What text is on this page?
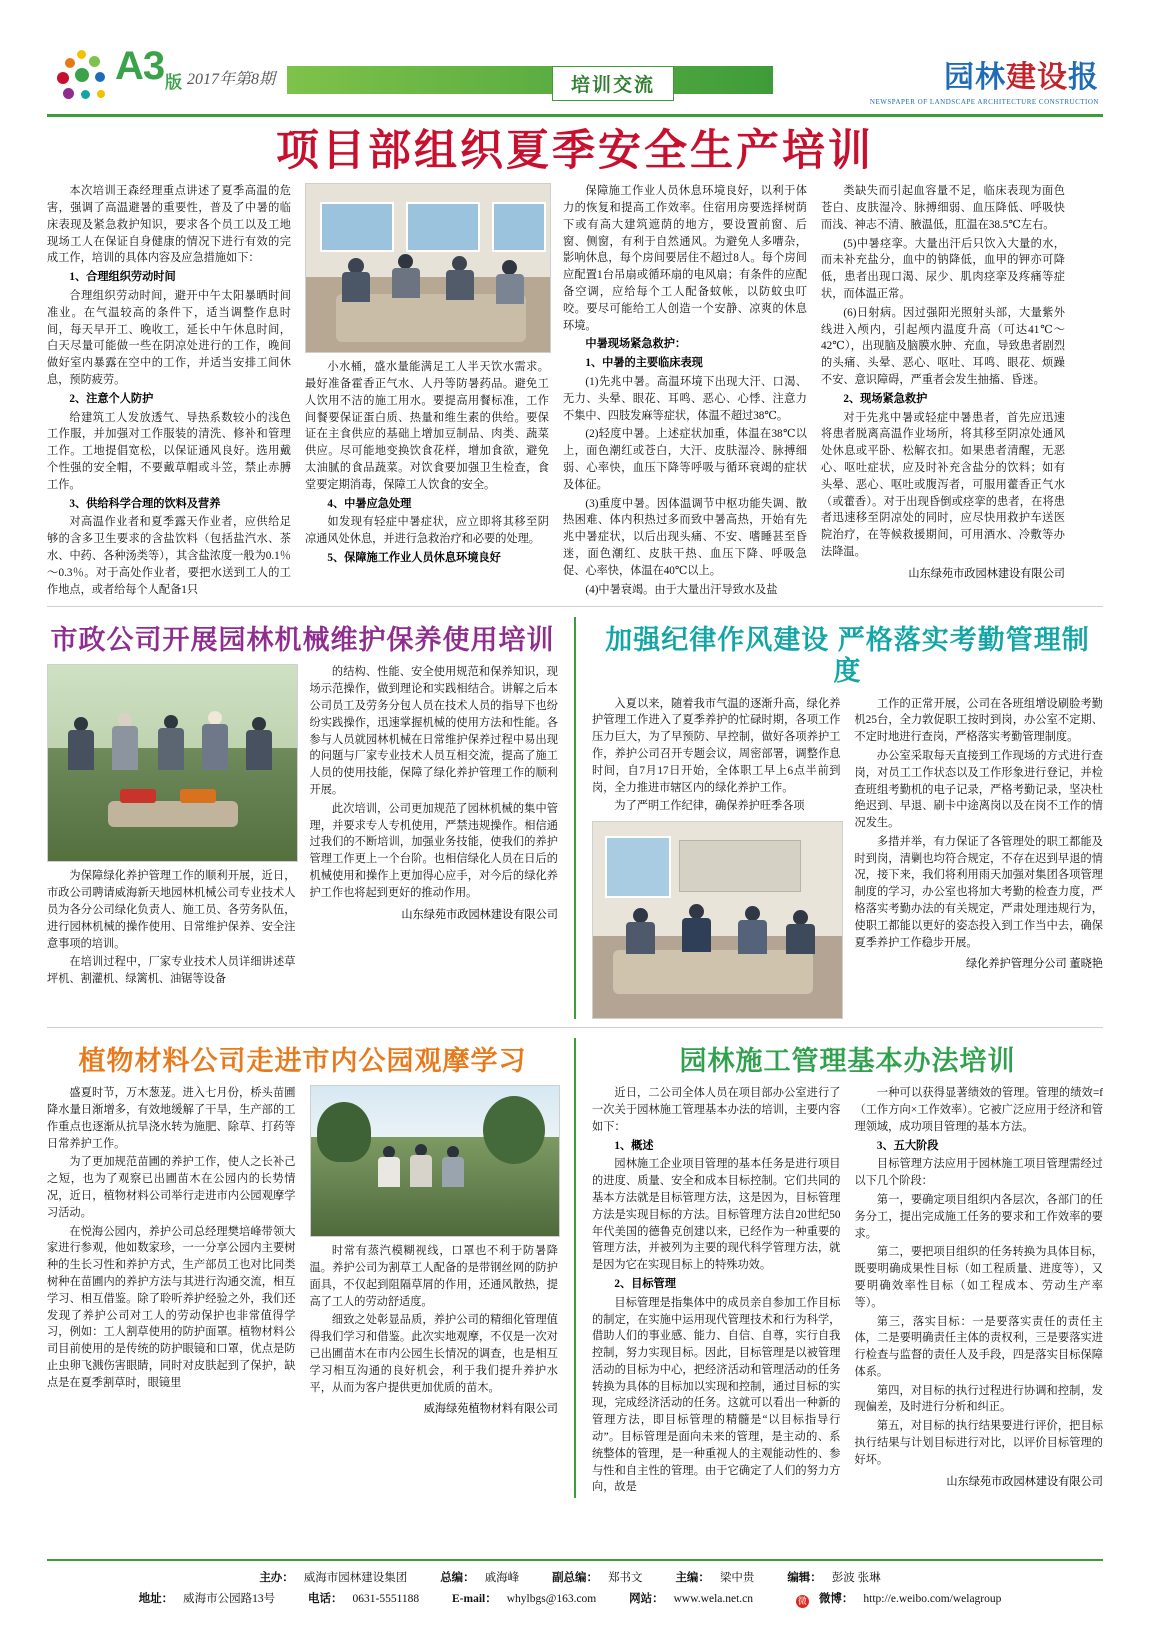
A3 版 2017年第8期	培训交流	园林建设报
NEWSPAPER OF LANDSCAPE ARCHITECTURE CONSTRUCTION
项目部组织夏季安全生产培训

本次培训王森经理重点讲述了夏季高温的危害，强调了高温避暑的重要性，普及了中暑的临床表现及紧急救护知识，要求各个员工以及工地现场工人在保证自身健康的情况下进行有效的完成工作，培训的具体内容及应急措施如下：

1、合理组织劳动时间

合理组织劳动时间，避开中午太阳暴晒时间准业。在气温较高的条件下，适当调整作息时间，每天早开工、晚收工，延长中午休息时间，白天尽量可能做一些在阴凉处进行的工作，晚间做好室内暴露在空中的工作，并适当安排工间休息，预防疲劳。

2、注意个人防护

给建筑工人发放透气、导热系数较小的浅色工作服，并加强对工作服装的清洗、修补和管理工作。工地提倡宽松，以保证通风良好。选用戴个性强的安全帽，不要戴草帽或斗笠，禁止赤膊工作。

3、供给科学合理的饮料及营养

对高温作业者和夏季露天作业者，应供给足够的含多卫生要求的含盐饮料（包括盐汽水、茶水、中药、各种汤类等），其含盐浓度一般为0.1％～0.3％。对于高处作业者，要把水送到工人的工作地点，或者给每个人配备1只

小水桶，盛水量能满足工人半天饮水需求。最好准备霍香正气水、人丹等防暑药品。避免工人饮用不洁的施工用水。要提高用餐标准，工作间餐要保证蛋白质、热量和维生素的供给。要保证在主食供应的基础上增加豆制品、肉类、蔬菜供应。尽可能地变换饮食花样，增加食欲，避免太油腻的食品蔬菜。对饮食要加强卫生检查，食堂要定期消毒，保障工人饮食的安全。

4、中暑应急处理

如发现有轻症中暑症状，应立即将其移至阴凉通风处休息，并进行急救治疗和必要的处理。

5、保障施工作业人员休息环境良好

保障施工作业人员休息环境良好，以利于体力的恢复和提高工作效率。住宿用房要选择树荫下或有高大建筑遮荫的地方，要设置前窗、后窗、侧窗，有利于自然通风。为避免人多嘈杂，影响休息，每个房间要居住不超过8人。每个房间应配置1台吊扇或循环扇的电风扇；有条件的应配备空调，应给每个工人配备蚊帐，以防蚊虫叮咬。要尽可能给工人创造一个安静、凉爽的休息环境。

中暑现场紧急救护：
1、中暑的主要临床表现

(1)先兆中暑。高温环境下出现大汗、口渴、无力、头晕、眼花、耳鸣、恶心、心悸、注意力不集中、四肢发麻等症状，体温不超过38℃。

(2)轻度中暑。上述症状加重，体温在38℃以上，面色潮红或苍白，大汗、皮肤湿冷、脉搏细弱、心率快，血压下降等呼吸与循环衰竭的症状及体征。

(3)重度中暑。因体温调节中枢功能失调、散热困难、体内积热过多而致中暑高热，开始有先兆中暑症状，以后出现头痛、不安、嗜睡甚至昏迷，面色潮红、皮肤干热、血压下降、呼吸急促、心率快，体温在40℃以上。

(4)中暑衰竭。由于大量出汗导致水及盐

类缺失而引起血容量不足，临床表现为面色苍白、皮肤湿冷、脉搏细弱、血压降低、呼吸快而浅、神志不清、腋温低，肛温在38.5℃左右。

(5)中暑痉挛。大量出汗后只饮入大量的水，而未补充盐分，血中的钠降低，血甲的钾亦可降低，患者出现口渴、尿少、肌肉痉挛及疼痛等症状，而体温正常。

(6)日射病。因过强阳光照射头部，大量紫外线进入颅内，引起颅内温度升高（可达41℃～42℃），出现脑及脑膜水肿、充血，导致患者剧烈的头痛、头晕、恶心、呕吐、耳鸣、眼花、烦躁不安、意识障碍，严重者会发生抽搐、昏迷。

2、现场紧急救护

对于先兆中暑或轻症中暑患者，首先应迅速将患者脱离高温作业场所，将其移至阴凉处通风处休息或平卧、松解衣扣。如果患者清醒，无恶心、呕吐症状，应及时补充含盐分的饮料；如有头晕、恶心、呕吐或腹泻者，可服用藿香正气水（或藿香）。对于出现昏倒或痉挛的患者，在将患者迅速移至阴凉处的同时，应尽快用救护车送医院治疗，在等候救援期间，可用酒水、冷敷等办法降温。

山东绿苑市政园林建设有限公司
市政公司开展园林机械维护保养使用培训

为保障绿化养护管理工作的顺利开展，近日，市政公司聘请威海新天地园林机械公司专业技术人员为各分公司绿化负责人、施工员、各劳务队伍，进行园林机械的操作使用、日常维护保养、安全注意事项的培训。

在培训过程中，厂家专业技术人员详细讲述草坪机、割灌机、绿篱机、油锯等设备

的结构、性能、安全使用规范和保养知识，现场示范操作，做到理论和实践相结合。讲解之后本公司员工及劳务分包人员在技术人员的指导下也纷纷实践操作，迅速掌握机械的使用方法和性能。各参与人员就园林机械在日常维护保养过程中易出现的问题与厂家专业技术人员互相交流，提高了施工人员的使用技能，保障了绿化养护管理工作的顺利开展。

此次培训，公司更加规范了园林机械的集中管理，并要求专人专机使用，严禁违规操作。相信通过我们的不断培训，加强业务技能，使我们的养护管理工作更上一个台阶。也相信绿化人员在日后的机械使用和操作上更加得心应手，对今后的绿化养护工作也将起到更好的推动作用。

山东绿苑市政园林建设有限公司
加强纪律作风建设 严格落实考勤管理制度

入夏以来，随着我市气温的逐渐升高，绿化养护管理工作进入了夏季养护的忙碌时期，各项工作压力巨大，为了早预防、早控制，做好各项养护工作，养护公司召开专题会议，周密部署，调整作息时间，自7月17日开始，全体职工早上6点半前到岗，全力推进市辖区内的绿化养护工作。

为了严明工作纪律，确保养护旺季各项

工作的正常开展，公司在各班组增设刷脸考勤机25台，全力敦促职工按时到岗，办公室不定期、不定时地进行查岗，严格落实考勤管理制度。

办公室采取每天直接到工作现场的方式进行查岗，对员工工作状态以及工作形象进行登记，并检查班组考勤机的电子记录，严格考勤记录，坚决杜绝迟到、早退、刷卡中途离岗以及在岗不工作的情况发生。

多措并举，有力保证了各管理处的职工都能及时到岗，清剿也均符合规定，不存在迟到早退的情况，接下来，我们将利用雨天加强对集团各项管理制度的学习，办公室也将加大考勤的检查力度，严格落实考勤办法的有关规定，严肃处理违规行为，使职工都能以更好的姿态投入到工作当中去，确保夏季养护工作稳步开展。

绿化养护管理分公司 董晓艳
植物材料公司走进市内公园观摩学习

盛夏时节，万木葱茏。进入七月份，桥头苗圃降水量日渐增多，有效地缓解了干旱，生产部的工作重点也逐渐从抗旱浇水转为施肥、除草、打药等日常养护工作。

为了更加规范苗圃的养护工作，使人之长补己之短，也为了观察已出圃苗木在公园内的长势情况，近日，植物材料公司举行走进市内公园观摩学习活动。

在悦海公园内，养护公司总经理樊培峰带领大家进行参观，他如数家珍，一一分享公园内主要树种的生长习性和养护方式，生产部员工也对比同类树种在苗圃内的养护方法与其进行沟通交流，相互学习、相互借鉴。除了聆听养护经验之外，我们还发现了养护公司对工人的劳动保护也非常值得学习，例如：工人割草使用的防护面罩。植物材料公司目前使用的是传统的防护眼镜和口罩，优点是防止虫卵飞溅伤害眼睛，同时对皮肤起到了保护，缺点是在夏季割草时，眼镜里

时常有蒸汽模糊视线，口罩也不利于防暑降温。养护公司为割草工人配备的是带钢丝网的防护面具，不仅起到阻隔草屑的作用，还通风散热，提高了工人的劳动舒适度。

细致之处彰显品质，养护公司的精细化管理值得我们学习和借鉴。此次实地观摩，不仅是一次对已出圃苗木在市内公园生长情况的调查，也是相互学习相互沟通的良好机会，利于我们提升养护水平，从而为客户提供更加优质的苗木。

威海绿苑植物材料有限公司
园林施工管理基本办法培训

近日，二公司全体人员在项目部办公室进行了一次关于园林施工管理基本办法的培训，主要内容如下：

1、概述

园林施工企业项目管理的基本任务是进行项目的进度、质量、安全和成本目标控制。它们共同的基本方法就是目标管理方法，这是因为，目标管理方法是实现目标的方法。目标管理方法自20世纪50年代美国的德鲁克创建以来，已经作为一种重要的管理方法，并被列为主要的现代科学管理方法，就是因为它在实现目标上的特殊功效。

2、目标管理

目标管理是指集体中的成员亲自参加工作目标的制定，在实施中运用现代管理技术和行为科学，借助人们的事业感、能力、自信、自尊，实行自我控制，努力实现目标。因此，目标管理是以被管理活动的目标为中心，把经济活动和管理活动的任务转换为具体的目标加以实现和控制，通过目标的实现，完成经济活动的任务。这就可以看出一种新的管理方法，即目标管理的精髓是“以目标指导行动”。目标管理是面向未来的管理，是主动的、系统整体的管理，是一种重视人的主观能动性的、参与性和自主性的管理。由于它确定了人们的努力方向，故是

一种可以获得显著绩效的管理。管理的绩效=f（工作方向×工作效率）。它被广泛应用于经济和管理领域，成功项目管理的基本方法。

3、五大阶段

目标管理方法应用于园林施工项目管理需经过以下几个阶段：

第一，要确定项目组织内各层次，各部门的任务分工，提出完成施工任务的要求和工作效率的要求。

第二，要把项目组织的任务转换为具体目标，既要明确成果性目标（如工程质量、进度等），又要明确效率性目标（如工程成本、劳动生产率等）。

第三，落实目标：一是要落实责任的责任主体，二是要明确责任主体的责权利，三是要落实进行检查与监督的责任人及手段，四是落实目标保障体系。

第四，对目标的执行过程进行协调和控制，发现偏差，及时进行分析和纠正。

第五，对目标的执行结果要进行评价，把目标执行结果与计划目标进行对比，以评价目标管理的好坏。

山东绿苑市政园林建设有限公司
主办： 威海市园林建设集团	总编： 戚海峰	副总编： 郑书文	主编： 梁中贵	编辑： 彭波 张琳
地址： 威海市公园路13号	电话： 0631-5551188	E-mail： whylbgs@163.com	网站： www.wela.net.cn	微 微博： http://e.weibo.com/welagroup
